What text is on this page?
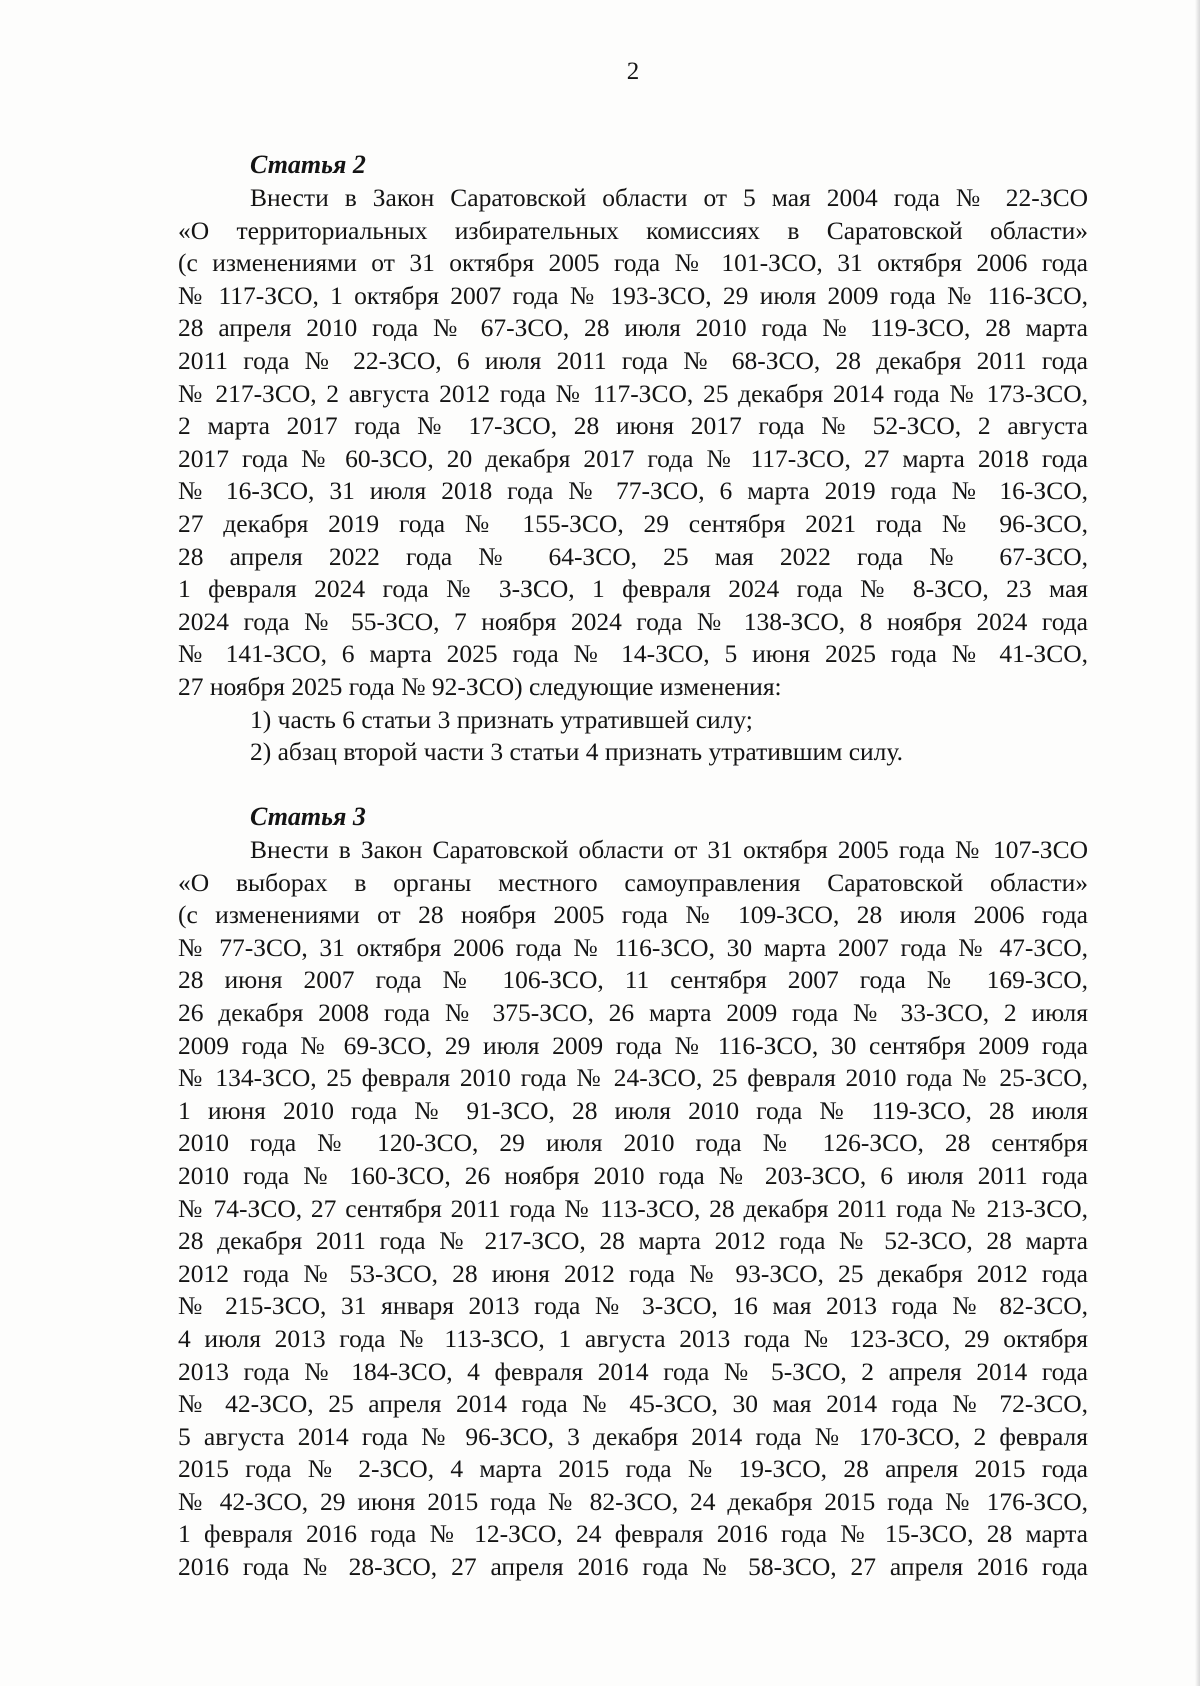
2
Статья 2
Внести в Закон Саратовской области от 5 мая 2004 года № 22-ЗСО
«О территориальных избирательных комиссиях в Саратовской области»
(с изменениями от 31 октября 2005 года № 101-ЗСО, 31 октября 2006 года
№ 117-ЗСО, 1 октября 2007 года № 193-ЗСО, 29 июля 2009 года № 116-ЗСО,
28 апреля 2010 года № 67-ЗСО, 28 июля 2010 года № 119-ЗСО, 28 марта
2011 года № 22-ЗСО, 6 июля 2011 года № 68-ЗСО, 28 декабря 2011 года
№ 217-ЗСО, 2 августа 2012 года № 117-ЗСО, 25 декабря 2014 года № 173-ЗСО,
2 марта 2017 года № 17-ЗСО, 28 июня 2017 года № 52-ЗСО, 2 августа
2017 года № 60-ЗСО, 20 декабря 2017 года № 117-ЗСО, 27 марта 2018 года
№ 16-ЗСО, 31 июля 2018 года № 77-ЗСО, 6 марта 2019 года № 16-ЗСО,
27 декабря 2019 года № 155-ЗСО, 29 сентября 2021 года № 96-ЗСО,
28 апреля 2022 года № 64-ЗСО, 25 мая 2022 года № 67-ЗСО,
1 февраля 2024 года № 3-ЗСО, 1 февраля 2024 года № 8-ЗСО, 23 мая
2024 года № 55-ЗСО, 7 ноября 2024 года № 138-ЗСО, 8 ноября 2024 года
№ 141-ЗСО, 6 марта 2025 года № 14-ЗСО, 5 июня 2025 года № 41-ЗСО,
27 ноября 2025 года № 92-ЗСО) следующие изменения:

1) часть 6 статьи 3 признать утратившей силу;

2) абзац второй части 3 статьи 4 признать утратившим силу.

Статья 3
Внести в Закон Саратовской области от 31 октября 2005 года № 107-ЗСО
«О выборах в органы местного самоуправления Саратовской области»
(с изменениями от 28 ноября 2005 года № 109-ЗСО, 28 июля 2006 года
№ 77-ЗСО, 31 октября 2006 года № 116-ЗСО, 30 марта 2007 года № 47-ЗСО,
28 июня 2007 года № 106-ЗСО, 11 сентября 2007 года № 169-ЗСО,
26 декабря 2008 года № 375-ЗСО, 26 марта 2009 года № 33-ЗСО, 2 июля
2009 года № 69-ЗСО, 29 июля 2009 года № 116-ЗСО, 30 сентября 2009 года
№ 134-ЗСО, 25 февраля 2010 года № 24-ЗСО, 25 февраля 2010 года № 25-ЗСО,
1 июня 2010 года № 91-ЗСО, 28 июля 2010 года № 119-ЗСО, 28 июля
2010 года № 120-ЗСО, 29 июля 2010 года № 126-ЗСО, 28 сентября
2010 года № 160-ЗСО, 26 ноября 2010 года № 203-ЗСО, 6 июля 2011 года
№ 74-ЗСО, 27 сентября 2011 года № 113-ЗСО, 28 декабря 2011 года № 213-ЗСО,
28 декабря 2011 года № 217-ЗСО, 28 марта 2012 года № 52-ЗСО, 28 марта
2012 года № 53-ЗСО, 28 июня 2012 года № 93-ЗСО, 25 декабря 2012 года
№ 215-ЗСО, 31 января 2013 года № 3-ЗСО, 16 мая 2013 года № 82-ЗСО,
4 июля 2013 года № 113-ЗСО, 1 августа 2013 года № 123-ЗСО, 29 октября
2013 года № 184-ЗСО, 4 февраля 2014 года № 5-ЗСО, 2 апреля 2014 года
№ 42-ЗСО, 25 апреля 2014 года № 45-ЗСО, 30 мая 2014 года № 72-ЗСО,
5 августа 2014 года № 96-ЗСО, 3 декабря 2014 года № 170-ЗСО, 2 февраля
2015 года № 2-ЗСО, 4 марта 2015 года № 19-ЗСО, 28 апреля 2015 года
№ 42-ЗСО, 29 июня 2015 года № 82-ЗСО, 24 декабря 2015 года № 176-ЗСО,
1 февраля 2016 года № 12-ЗСО, 24 февраля 2016 года № 15-ЗСО, 28 марта
2016 года № 28-ЗСО, 27 апреля 2016 года № 58-ЗСО, 27 апреля 2016 года
